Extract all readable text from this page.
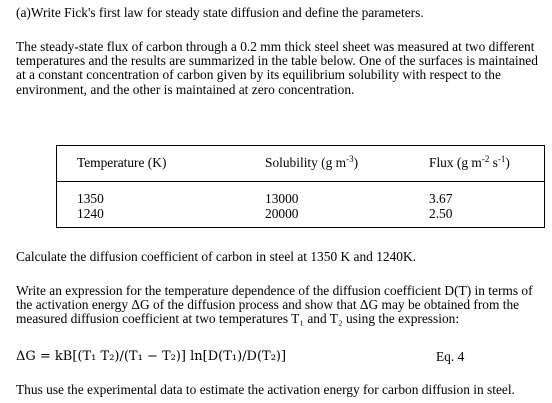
(a)Write Fick's first law for steady state diffusion and define the parameters.
The steady-state flux of carbon through a 0.2 mm thick steel sheet was measured at two different temperatures and the results are summarized in the table below. One of the surfaces is maintained at a constant concentration of carbon given by its equilibrium solubility with respect to the environment, and the other is maintained at zero concentration.
Temperature (K)	Solubility (g $m^{-3}$)	Flux (g $m^{-2}$ $s^{-1}$)
1350	13000	3.67
1240	20000	2.50
Calculate the diffusion coefficient of carbon in steel at 1350 K and 1240K.
Write an expression for the temperature dependence of the diffusion coefficient D(T) in terms of the activation energy ΔG of the diffusion process and show that ΔG may be obtained from the measured diffusion coefficient at two temperatures T₁ and T₂ using the expression:
ΔG = kB[(T₁ T₂)/(T₁ − T₂)] ln[D(T₁)/D(T₂)]	Eq. 4
Thus use the experimental data to estimate the activation energy for carbon diffusion in steel.
